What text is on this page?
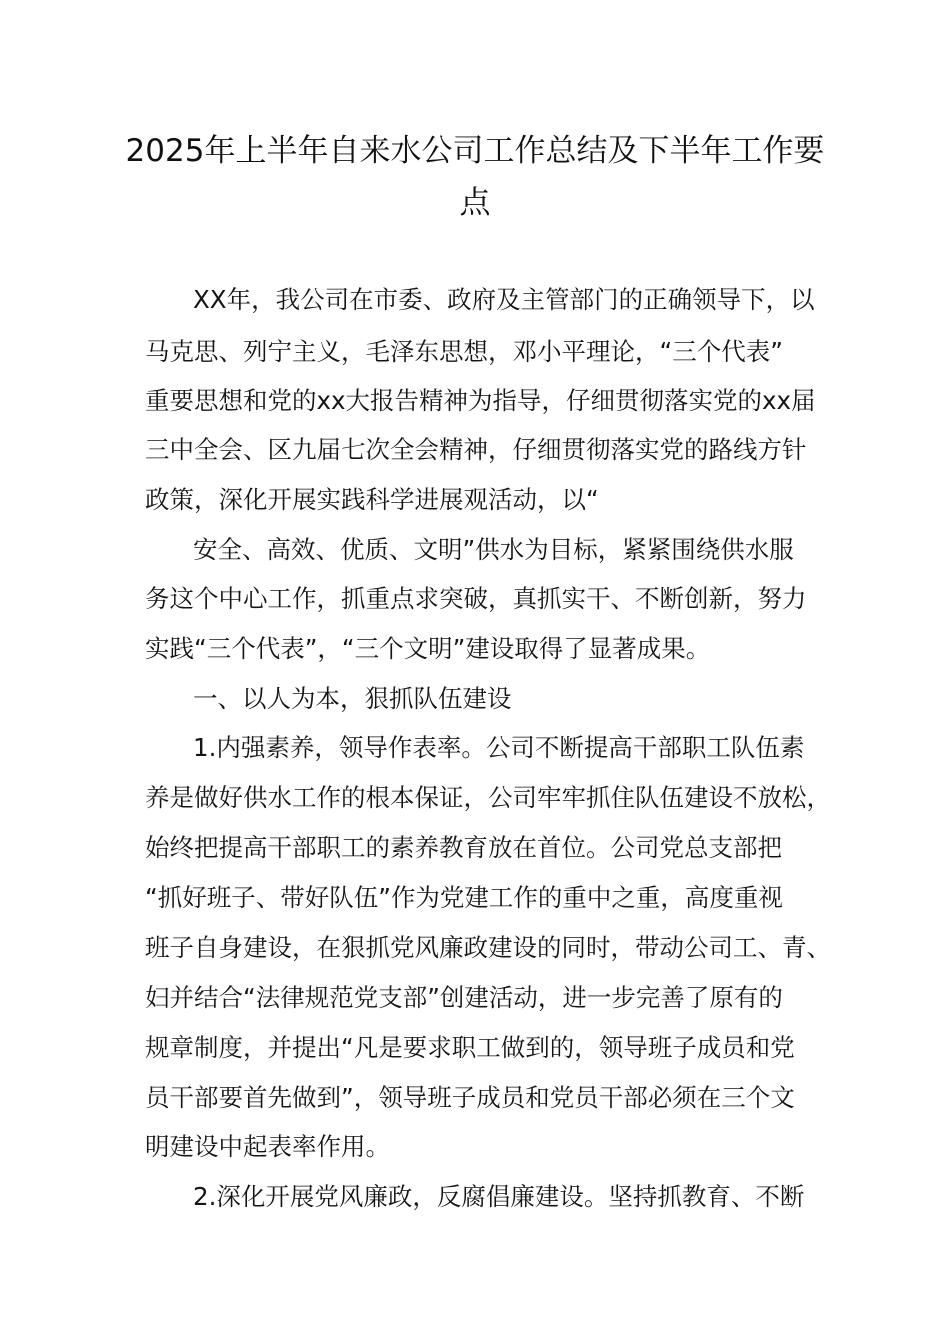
2025年上半年自来水公司工作总结及下半年工作要
点
XX年，我公司在市委、政府及主管部门的正确领导下，以
马克思、列宁主义，毛泽东思想，邓小平理论，“三个代表”
重要思想和党的xx大报告精神为指导，仔细贯彻落实党的xx届
三中全会、区九届七次全会精神，仔细贯彻落实党的路线方针
政策，深化开展实践科学进展观活动，以“
安全、高效、优质、文明”供水为目标，紧紧围绕供水服
务这个中心工作，抓重点求突破，真抓实干、不断创新，努力
实践“三个代表”，“三个文明”建设取得了显著成果。
一、以人为本，狠抓队伍建设
1.内强素养，领导作表率。公司不断提高干部职工队伍素
养是做好供水工作的根本保证，公司牢牢抓住队伍建设不放松，
始终把提高干部职工的素养教育放在首位。公司党总支部把
“抓好班子、带好队伍”作为党建工作的重中之重，高度重视
班子自身建设，在狠抓党风廉政建设的同时，带动公司工、青、
妇并结合“法律规范党支部”创建活动，进一步完善了原有的
规章制度，并提出“凡是要求职工做到的，领导班子成员和党
员干部要首先做到”，领导班子成员和党员干部必须在三个文
明建设中起表率作用。
2.深化开展党风廉政，反腐倡廉建设。坚持抓教育、不断
